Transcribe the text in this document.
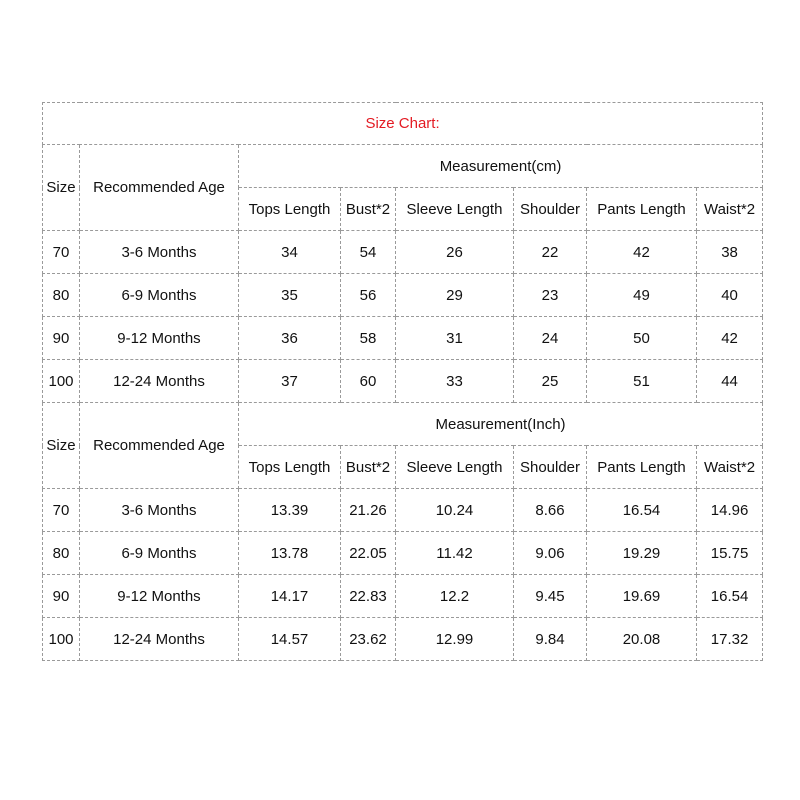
Size Chart:							
Size	Recommended Age	Measurement(cm)					
		Tops Length	Bust*2	Sleeve Length	Shoulder	Pants Length	Waist*2
70	3-6 Months	34	54	26	22	42	38
80	6-9 Months	35	56	29	23	49	40
90	9-12 Months	36	58	31	24	50	42
100	12-24 Months	37	60	33	25	51	44
Size	Recommended Age	Measurement(Inch)					
		Tops Length	Bust*2	Sleeve Length	Shoulder	Pants Length	Waist*2
70	3-6 Months	13.39	21.26	10.24	8.66	16.54	14.96
80	6-9 Months	13.78	22.05	11.42	9.06	19.29	15.75
90	9-12 Months	14.17	22.83	12.2	9.45	19.69	16.54
100	12-24 Months	14.57	23.62	12.99	9.84	20.08	17.32
